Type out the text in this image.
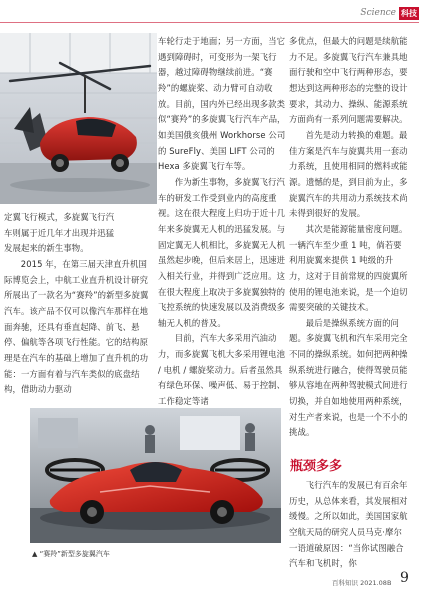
Science 科技

定翼飞行模式，多旋翼飞行汽

车则属于近几年才出现并迅猛

发展起来的新生事物。

2015 年，在第三届天津直升机国际博览会上，中航工业直升机设计研究所展出了一款名为“赛羚”的新型多旋翼汽车。该产品不仅可以像汽车那样在地面奔驰，还具有垂直起降、前飞、悬停、偏航等各项飞行性能。它的结构原理是在汽车的基础上增加了直升机的功能：一方面有着与汽车类似的底盘结构，借助动力驱动

车轮行走于地面；另一方面，当它遇到障碍时，可变形为一架飞行器，越过障碍物继续前进。“赛羚”的螺旋桨、动力臂可自动收放。目前，国内外已经出现多款类似“赛羚”的多旋翼飞行汽车产品，如美国俄亥俄州 Workhorse 公司的 SureFly、美国 LIFT 公司的 Hexa 多旋翼飞行车等。

作为新生事物，多旋翼飞行汽车的研发工作受到业内的高度重视。这在很大程度上归功于近十几年来多旋翼无人机的迅猛发展。与固定翼无人机相比，多旋翼无人机虽然起步晚，但后来居上，迅速进入相关行业，并得到广泛应用。这在很大程度上取决于多旋翼独特的飞控系统的快速发展以及消费级多轴无人机的普及。

目前，汽车大多采用汽油动力，而多旋翼飞机大多采用锂电池 / 电机 / 螺旋桨动力。后者虽然具有绿色环保、噪声低、易于控制、工作稳定等诸

多优点，但最大的问题是续航能力不足。多旋翼飞行汽车兼具地面行驶和空中飞行两种形态，要想达到这两种形态的完整的设计要求，其动力、操纵、能源系统方面尚有一系列问题需要解决。

首先是动力转换的难题。最佳方案是汽车与旋翼共用一套动力系统，且使用相同的燃料或能源。遗憾的是，到目前为止，多旋翼汽车的共用动力系统技术尚未得到很好的发展。

其次是能源能量密度问题。一辆汽车至少重 1 吨，倘若要利用旋翼来提供 1 吨级的升力，这对于目前常规的四旋翼所使用的锂电池来说，是一个迫切需要突破的关键技术。

最后是操纵系统方面的问题。多旋翼飞机和汽车采用完全不同的操纵系统。如何把两种操纵系统进行融合，使得驾驶员能够从容地在两种驾驶模式间进行切换，并自如地使用两种系统，对生产者来说，也是一个不小的挑战。

瓶颈多多

飞行汽车的发展已有百余年历史，从总体来看，其发展相对缓慢。之所以如此，美国国家航空航天局的研究人员马克·摩尔一语道破原因：“当你试图融合汽车和飞机时，你

▲ “赛羚”新型多旋翼汽车
百科知识 2021.08B 9
